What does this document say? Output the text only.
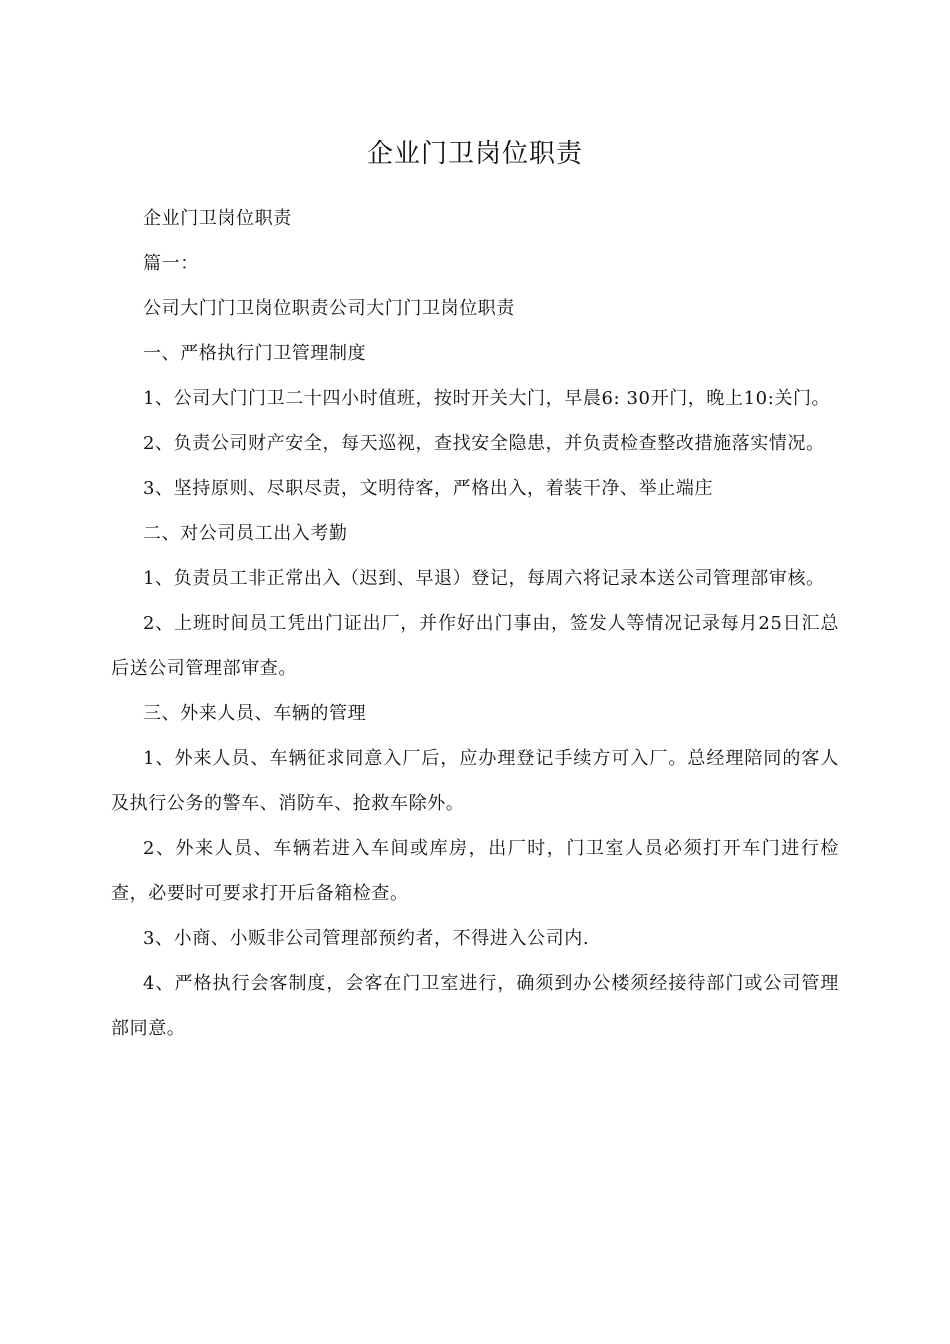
企业门卫岗位职责

企业门卫岗位职责

篇一：

公司大门门卫岗位职责公司大门门卫岗位职责

一、严格执行门卫管理制度

1、公司大门门卫二十四小时值班，按时开关大门，早晨6: 30开门，晚上10:关门。

2、负责公司财产安全，每天巡视，查找安全隐患，并负责检查整改措施落实情况。

3、坚持原则、尽职尽责，文明待客，严格出入，着装干净、举止端庄

二、对公司员工出入考勤

1、负责员工非正常出入（迟到、早退）登记，每周六将记录本送公司管理部审核。

2、上班时间员工凭出门证出厂，并作好出门事由，签发人等情况记录每月25日汇总后送公司管理部审查。

三、外来人员、车辆的管理

1、外来人员、车辆征求同意入厂后，应办理登记手续方可入厂。总经理陪同的客人及执行公务的警车、消防车、抢救车除外。

2、外来人员、车辆若进入车间或库房，出厂时，门卫室人员必须打开车门进行检查，必要时可要求打开后备箱检查。

3、小商、小贩非公司管理部预约者，不得进入公司内.

4、严格执行会客制度，会客在门卫室进行，确须到办公楼须经接待部门或公司管理部同意。
